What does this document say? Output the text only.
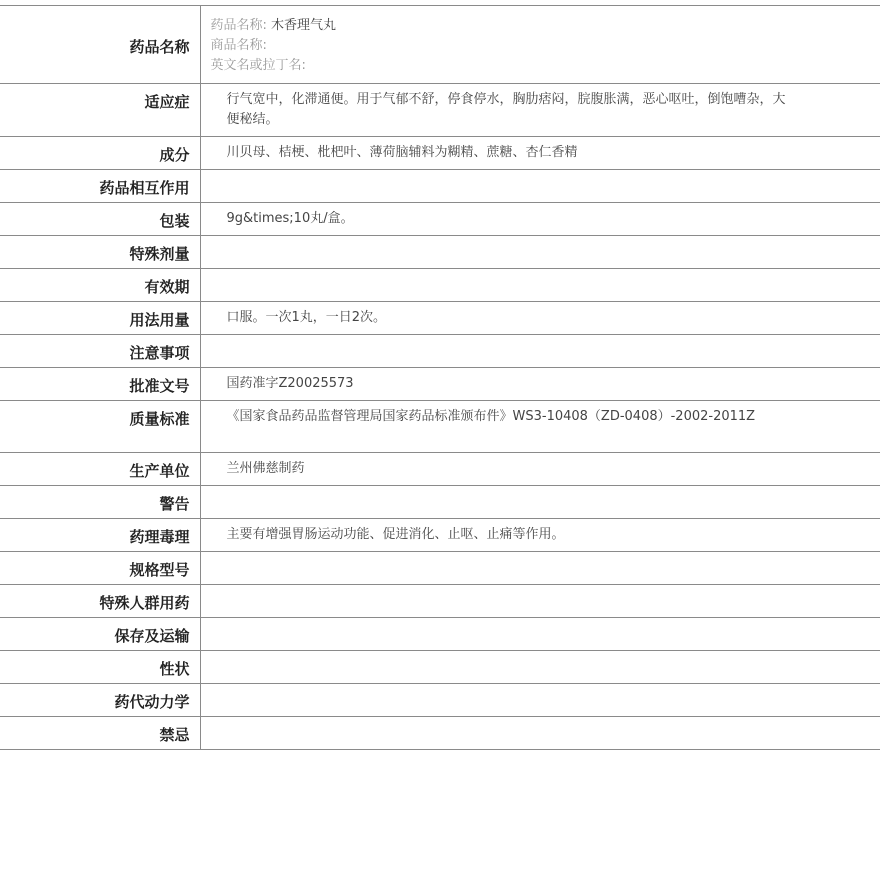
药品名称	药品名称: 木香理气丸
商品名称:
英文名或拉丁名:

适应症	行气宽中，化滞通便。用于气郁不舒，停食停水，胸肋痞闷，脘腹胀满，恶心呕吐，倒饱嘈杂，大便秘结。
成分	川贝母、桔梗、枇杷叶、薄荷脑辅料为糊精、蔗糖、杏仁香精
药品相互作用	
包装	9g&times;10丸/盒。
特殊剂量	
有效期	
用法用量	口服。一次1丸，一日2次。
注意事项	
批准文号	国药准字Z20025573
质量标准	《国家食品药品监督管理局国家药品标准颁布件》WS3-10408（ZD-0408）-2002-2011Z
生产单位	兰州佛慈制药
警告	
药理毒理	主要有增强胃肠运动功能、促进消化、止呕、止痛等作用。
规格型号	
特殊人群用药	
保存及运输	
性状	
药代动力学	
禁忌	
